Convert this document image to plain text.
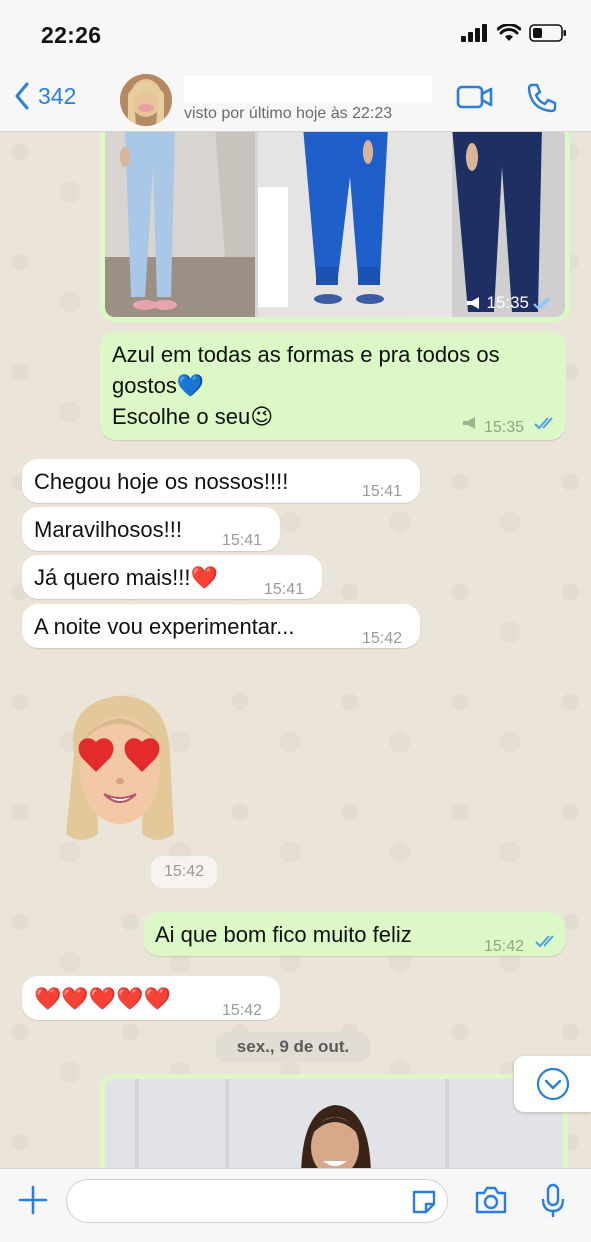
22:26
342
visto por último hoje às 22:23
15:35
Azul em todas as formas e pra todos os
gostos💙
Escolhe o seu😉	15:35
Chegou hoje os nossos!!!!	15:41
Maravilhosos!!!	15:41
Já quero mais!!!❤️	15:41
A noite vou experimentar...	15:42
15:42
Ai que bom fico muito feliz	15:42
❤️❤️❤️❤️❤️	15:42
sex., 9 de out.
